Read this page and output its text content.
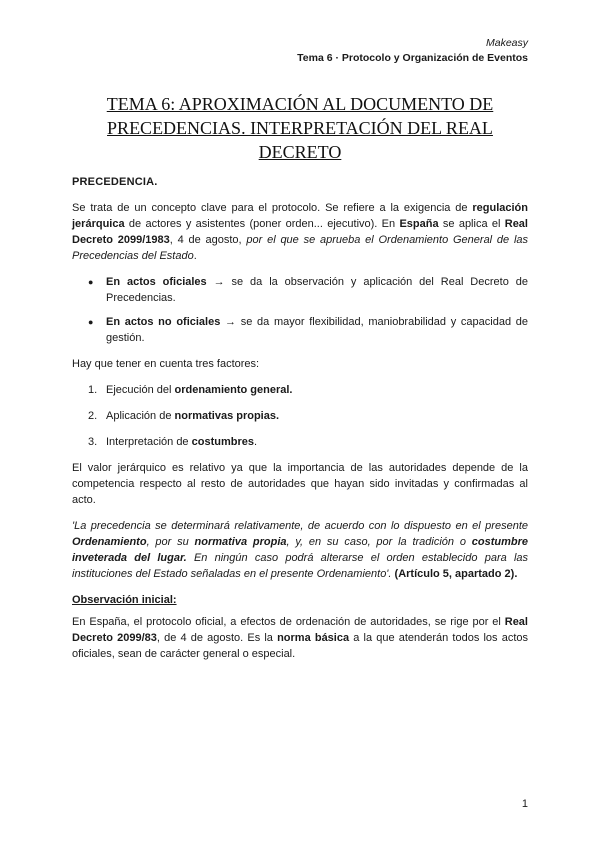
Makeasy
Tema 6 · Protocolo y Organización de Eventos
TEMA 6: APROXIMACIÓN AL DOCUMENTO DE
PRECEDENCIAS. INTERPRETACIÓN DEL REAL DECRETO
PRECEDENCIA.

Se trata de un concepto clave para el protocolo. Se refiere a la exigencia de regulación jerárquica de actores y asistentes (poner orden... ejecutivo). En España se aplica el Real Decreto 2099/1983, 4 de agosto, por el que se aprueba el Ordenamiento General de las Precedencias del Estado.

● En actos oficiales → se da la observación y aplicación del Real Decreto de Precedencias.
● En actos no oficiales → se da mayor flexibilidad, maniobrabilidad y capacidad de gestión.

Hay que tener en cuenta tres factores:

1. Ejecución del ordenamiento general.
2. Aplicación de normativas propias.
3. Interpretación de costumbres.

El valor jerárquico es relativo ya que la importancia de las autoridades depende de la competencia respecto al resto de autoridades que hayan sido invitadas y confirmadas al acto.

'La precedencia se determinará relativamente, de acuerdo con lo dispuesto en el presente Ordenamiento, por su normativa propia, y, en su caso, por la tradición o costumbre inveterada del lugar. En ningún caso podrá alterarse el orden establecido para las instituciones del Estado señaladas en el presente Ordenamiento'. (Artículo 5, apartado 2).

Observación inicial:

En España, el protocolo oficial, a efectos de ordenación de autoridades, se rige por el Real Decreto 2099/83, de 4 de agosto. Es la norma básica a la que atenderán todos los actos oficiales, sean de carácter general o especial.

1
